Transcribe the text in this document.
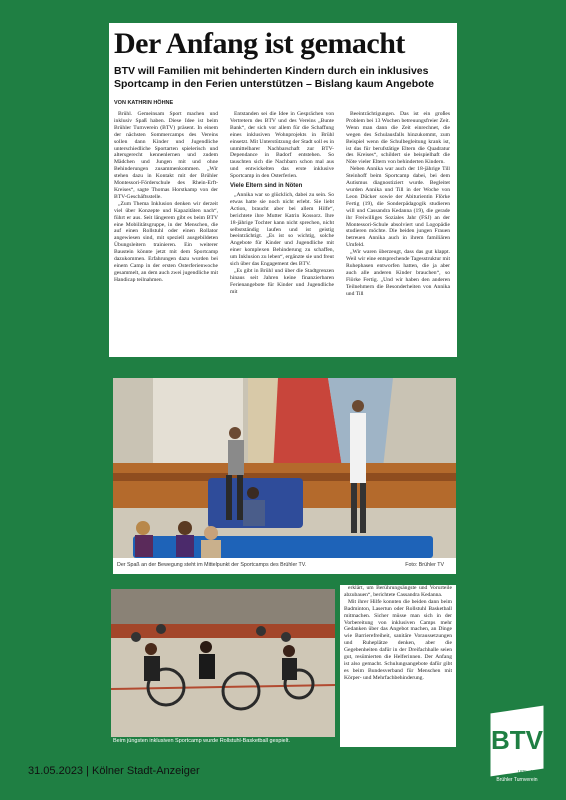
Der Anfang ist gemacht
BTV will Familien mit behinderten Kindern durch ein inklusives Sportcamp in den Ferien unterstützen – Bislang kaum Angebote
VON KATHRIN HÖHNE

Brühl. Gemeinsam Sport machen und inklusiv Spaß haben. Diese Idee ist beim Brühler Turnverein (BTV) präsent. In einem der nächsten Sommercamps des Vereins sollen dann Kinder und Jugendliche unterschiedliche Sportarten spielerisch und altersgerecht kennenlernen und zudem Mädchen und Jungen mit und ohne Behinderungen zusammenkommen. „Wir stehen dazu in Kontakt mit der Brühler Montessori-Förderschule des Rhein-Erft-Kreises“, sagte Thomas Horstkamp von der BTV-Geschäftsstelle.

„Zum Thema Inklusion denken wir derzeit viel über Konzepte und Kapazitäten nach“, führt er aus. Seit längerem gibt es beim BTV eine Mobilitätsgruppe, in der Menschen, die auf einen Rollstuhl oder einen Rollator angewiesen sind, mit speziell ausgebildeten Übungsleitern trainieren. Ein weiterer Baustein könnte jetzt mit dem Sportcamp dazukommen. Erfahrungen dazu wurden bei einem Camp in der ersten Osterferienwoche gesammelt, an dem auch zwei jugendliche mit Handicap teilnahmen.

Entstanden sei die Idee in Gesprächen von Vertretern des BTV und des Vereins „Bunte Bank“, der sich vor allem für die Schaffung eines inklusiven Wohnprojekts in Brühl einsetzt. Mit Unterstützung der Stadt soll es in unmittelbarer Nachbarschaft zur BTV-Dependance in Badorf entstehen. So tauschten sich die Nachbarn schon mal aus und entwickelten das erste inklusive Sportcamp in den Osterferien.

Viele Eltern sind in Nöten

„Annika war so glücklich, dabei zu sein. So etwas hatte sie noch nicht erlebt. Sie liebt Action, braucht aber bei allem Hilfe“, berichtete ihre Mutter Katrin Kossorz. Ihre 18-jährige Tochter kann nicht sprechen, nicht selbstständig laufen und ist geistig beeinträchtigt. „Es ist so wichtig, solche Angebote für Kinder und Jugendliche mit einer komplexen Behinderung zu schaffen, um Inklusion zu leben“, ergänzte sie und freut sich über das Engagement des BTV.

„Es gibt in Brühl und über die Stadtgrenzen hinaus seit Jahren keine finanzierbaren Ferienangebote für Kinder und Jugendliche mit

Beeinträchtigungen. Das ist ein großes Problem bei 13 Wochen betreuungsfreier Zeit. Wenn man dann die Zeit einrechnet, die wegen des Schulausfalls hinzukommt, zum Beispiel wenn die Schulbegleitung krank ist, ist das für berufstätige Eltern die Quadratur des Kreises“, schildert sie beispielhaft die Nöte vieler Eltern von behinderten Kindern.

Neben Annika war auch der 18-jährige Till Steinhoff beim Sportcamp dabei, bei dem Autismus diagnostiziert wurde. Begleitet wurden Annika und Till in der Woche von Leon Dücker sowie der Abiturientin Flörke Fertig (19), die Sonderpädagogik studieren will und Cassandra Kedanna (19), die gerade ihr Freiwilliges Soziales Jahr (FSJ) an der Montessori-Schule absolviert und Logopädie studieren möchte. Die beiden jungen Frauen betreuen Annika auch in ihrem familiären Umfeld.

„Wir waren überzeugt, dass das gut klappt. Weil wir eine entsprechende Tagesstruktur mit Ruhephasen entworfen hatten, die ja aber auch alle anderen Kinder brauchen“, so Flörke Fertig. „Und wir haben den anderen Teilnehmern die Besonderheiten von Annika und Till

Der Spaß an der Bewegung steht im Mittelpunkt der Sportcamps des Brühler TV.	Foto: Brühler TV
Beim jüngsten inklusiven Sportcamp wurde Rollstuhl-Basketball gespielt.

erklärt, um Berührungsängste und Vorurteile abzubauen“, berichtete Cassandra Kedanna.

Mit ihrer Hilfe konnten die beiden dann beim Badminton, Lasertun oder Rollstuhl Basketball mitmachen. Sicher müsse man sich in der Vorbereitung von inklusiven Camps mehr Gedanken über das Angebot machen, an Dinge wie Barrierefreiheit, sanitäre Voraussetzungen und Ruheplätze denken, aber die Gegebenheiten dafür in der Dreifachhalle seien gut, resümierten die Helferinnen. Der Anfang ist also gemacht. Schulungsangebote dafür gibt es beim Bundesverband für Menschen mit Körper- und Mehrfachbehinderung.

31.05.2023 | Kölner Stadt-Anzeiger
BTV
Brühler Turnverein
1879 e.V.
